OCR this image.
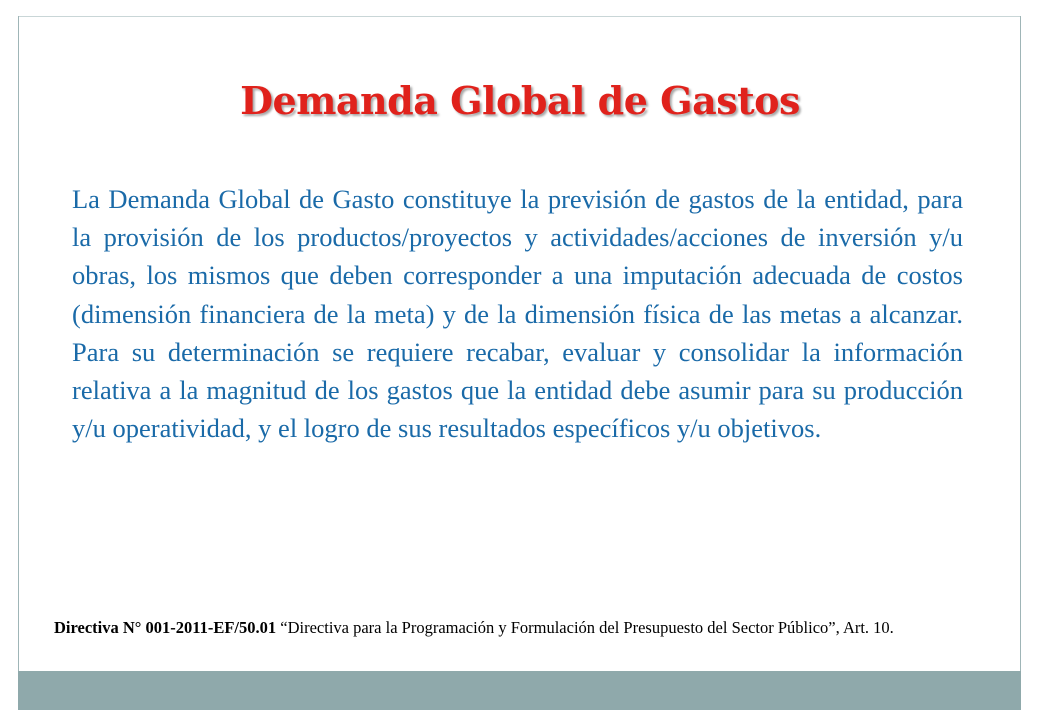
Demanda Global de Gastos

La Demanda Global de Gasto constituye la previsión de gastos de la entidad, para la provisión de los productos/proyectos y actividades/acciones de inversión y/u obras, los mismos que deben corresponder a una imputación adecuada de costos (dimensión financiera de la meta) y de la dimensión física de las metas a alcanzar. Para su determinación se requiere recabar, evaluar y consolidar la información relativa a la magnitud de los gastos que la entidad debe asumir para su producción y/u operatividad, y el logro de sus resultados específicos y/u objetivos.

Directiva N° 001-2011-EF/50.01 “Directiva para la Programación y Formulación del Presupuesto del Sector Público”, Art. 10.
